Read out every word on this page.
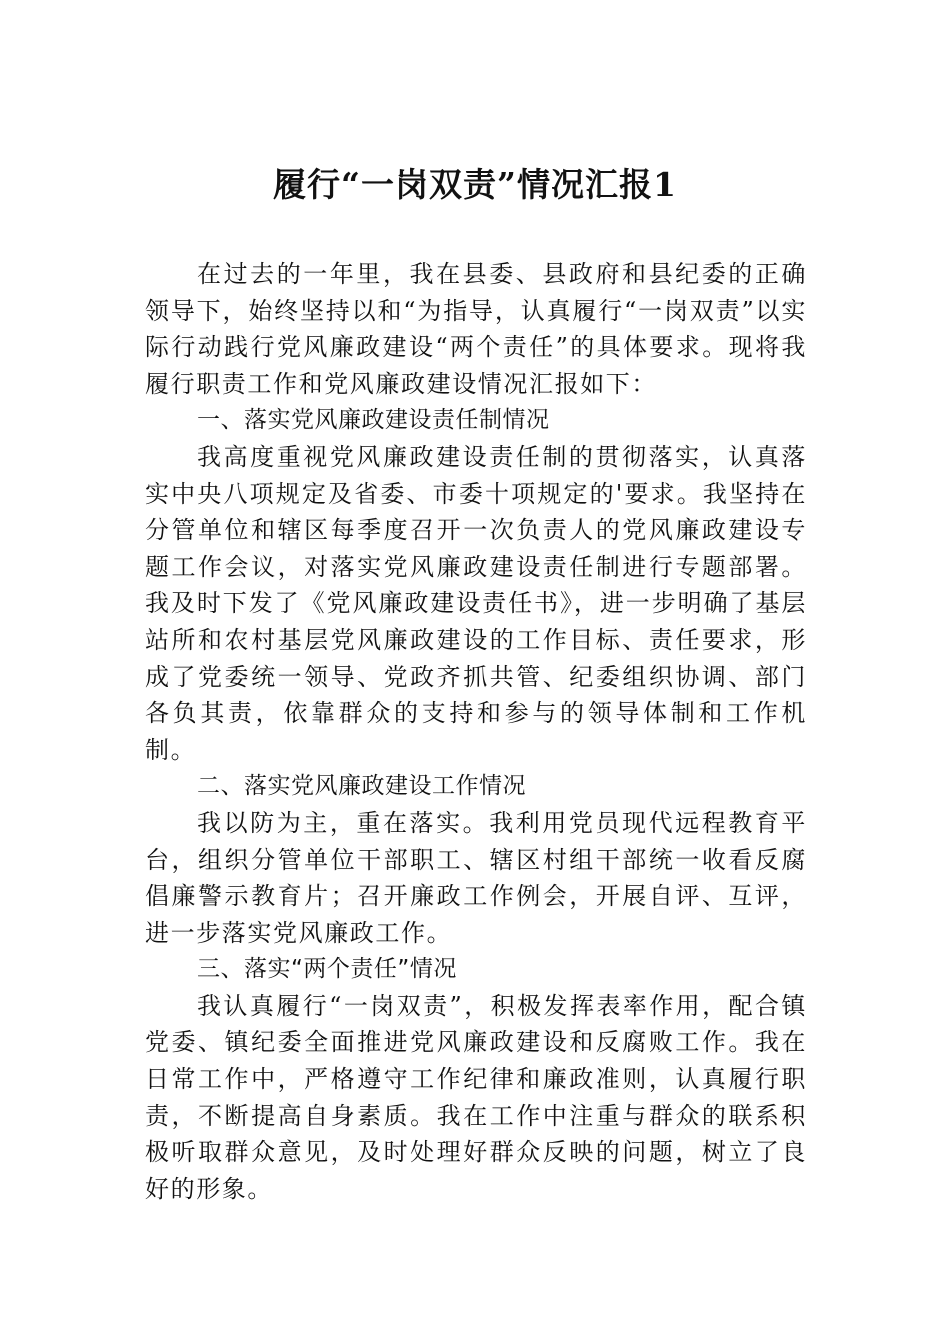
履行“一岗双责”情况汇报1

在过去的一年里，我在县委、县政府和县纪委的正确领导下，始终坚持以和“为指导，认真履行“一岗双责”以实际行动践行党风廉政建设“两个责任”的具体要求。现将我履行职责工作和党风廉政建设情况汇报如下：

一、落实党风廉政建设责任制情况

我高度重视党风廉政建设责任制的贯彻落实，认真落实中央八项规定及省委、市委十项规定的'要求。我坚持在分管单位和辖区每季度召开一次负责人的党风廉政建设专题工作会议，对落实党风廉政建设责任制进行专题部署。我及时下发了《党风廉政建设责任书》，进一步明确了基层站所和农村基层党风廉政建设的工作目标、责任要求，形成了党委统一领导、党政齐抓共管、纪委组织协调、部门各负其责，依靠群众的支持和参与的领导体制和工作机制。

二、落实党风廉政建设工作情况

我以防为主，重在落实。我利用党员现代远程教育平台，组织分管单位干部职工、辖区村组干部统一收看反腐倡廉警示教育片；召开廉政工作例会，开展自评、互评，进一步落实党风廉政工作。

三、落实“两个责任”情况

我认真履行“一岗双责”，积极发挥表率作用，配合镇党委、镇纪委全面推进党风廉政建设和反腐败工作。我在日常工作中，严格遵守工作纪律和廉政准则，认真履行职责，不断提高自身素质。我在工作中注重与群众的联系积极听取群众意见，及时处理好群众反映的问题，树立了良好的形象。
